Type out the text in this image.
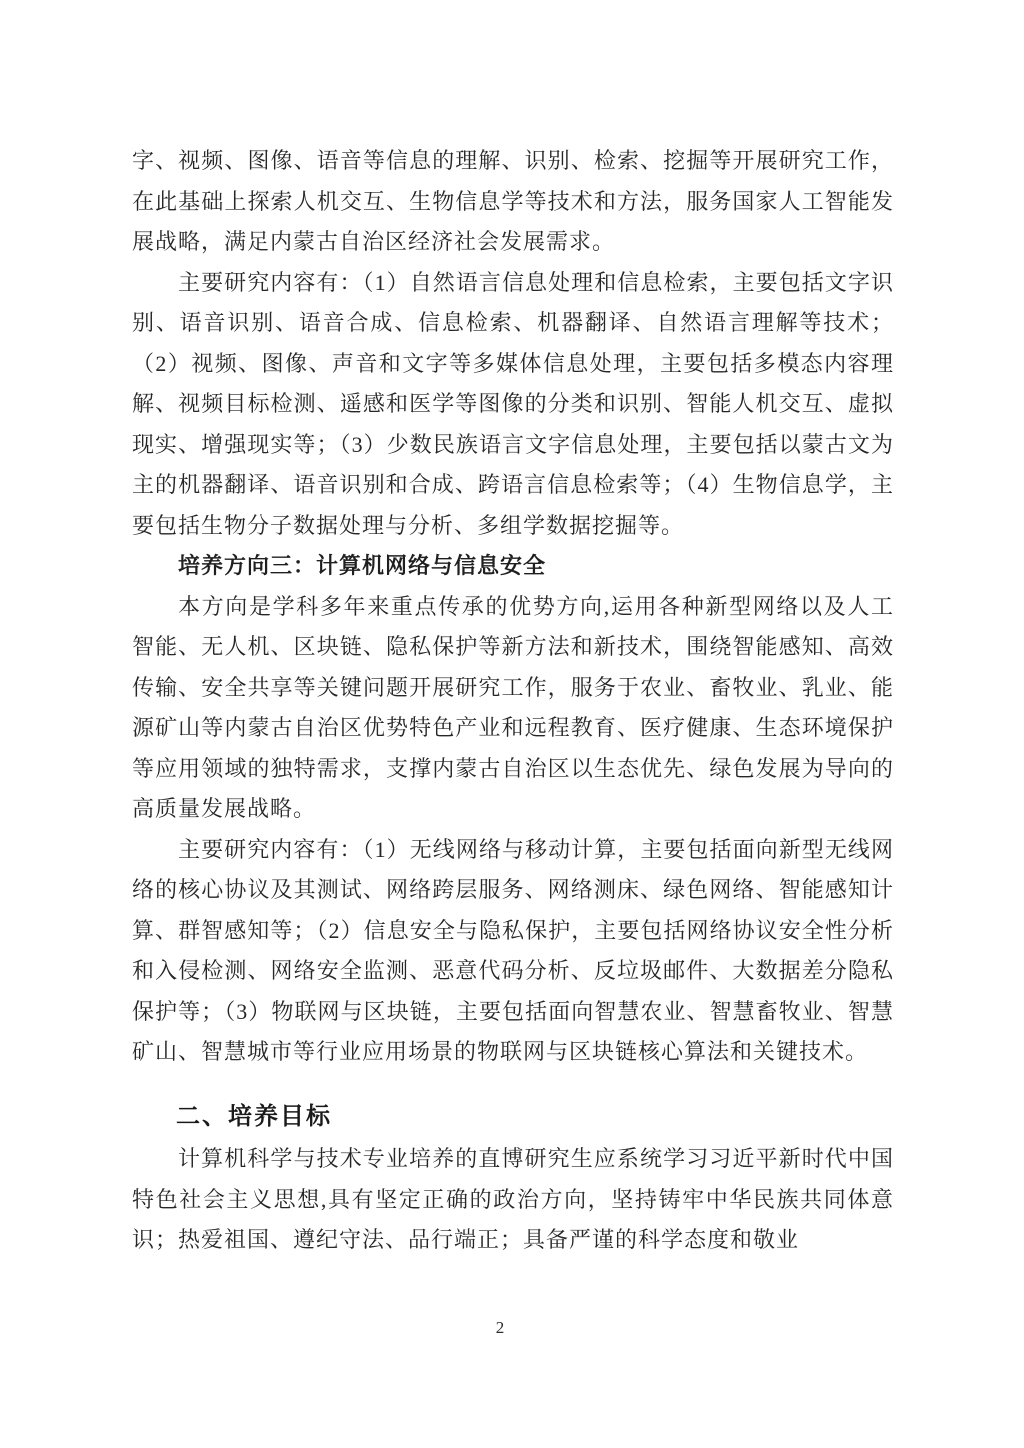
字、视频、图像、语音等信息的理解、识别、检索、挖掘等开展研究工作，在此基础上探索人机交互、生物信息学等技术和方法，服务国家人工智能发展战略，满足内蒙古自治区经济社会发展需求。

主要研究内容有：（1）自然语言信息处理和信息检索，主要包括文字识别、语音识别、语音合成、信息检索、机器翻译、自然语言理解等技术；（2）视频、图像、声音和文字等多媒体信息处理，主要包括多模态内容理解、视频目标检测、遥感和医学等图像的分类和识别、智能人机交互、虚拟现实、增强现实等；（3）少数民族语言文字信息处理，主要包括以蒙古文为主的机器翻译、语音识别和合成、跨语言信息检索等；（4）生物信息学，主要包括生物分子数据处理与分析、多组学数据挖掘等。

培养方向三：计算机网络与信息安全

本方向是学科多年来重点传承的优势方向,运用各种新型网络以及人工智能、无人机、区块链、隐私保护等新方法和新技术，围绕智能感知、高效传输、安全共享等关键问题开展研究工作，服务于农业、畜牧业、乳业、能源矿山等内蒙古自治区优势特色产业和远程教育、医疗健康、生态环境保护等应用领域的独特需求，支撑内蒙古自治区以生态优先、绿色发展为导向的高质量发展战略。

主要研究内容有：（1）无线网络与移动计算，主要包括面向新型无线网络的核心协议及其测试、网络跨层服务、网络测床、绿色网络、智能感知计算、群智感知等；（2）信息安全与隐私保护，主要包括网络协议安全性分析和入侵检测、网络安全监测、恶意代码分析、反垃圾邮件、大数据差分隐私保护等；（3）物联网与区块链，主要包括面向智慧农业、智慧畜牧业、智慧矿山、智慧城市等行业应用场景的物联网与区块链核心算法和关键技术。

二、培养目标

计算机科学与技术专业培养的直博研究生应系统学习习近平新时代中国特色社会主义思想,具有坚定正确的政治方向，坚持铸牢中华民族共同体意识；热爱祖国、遵纪守法、品行端正；具备严谨的科学态度和敬业

2
